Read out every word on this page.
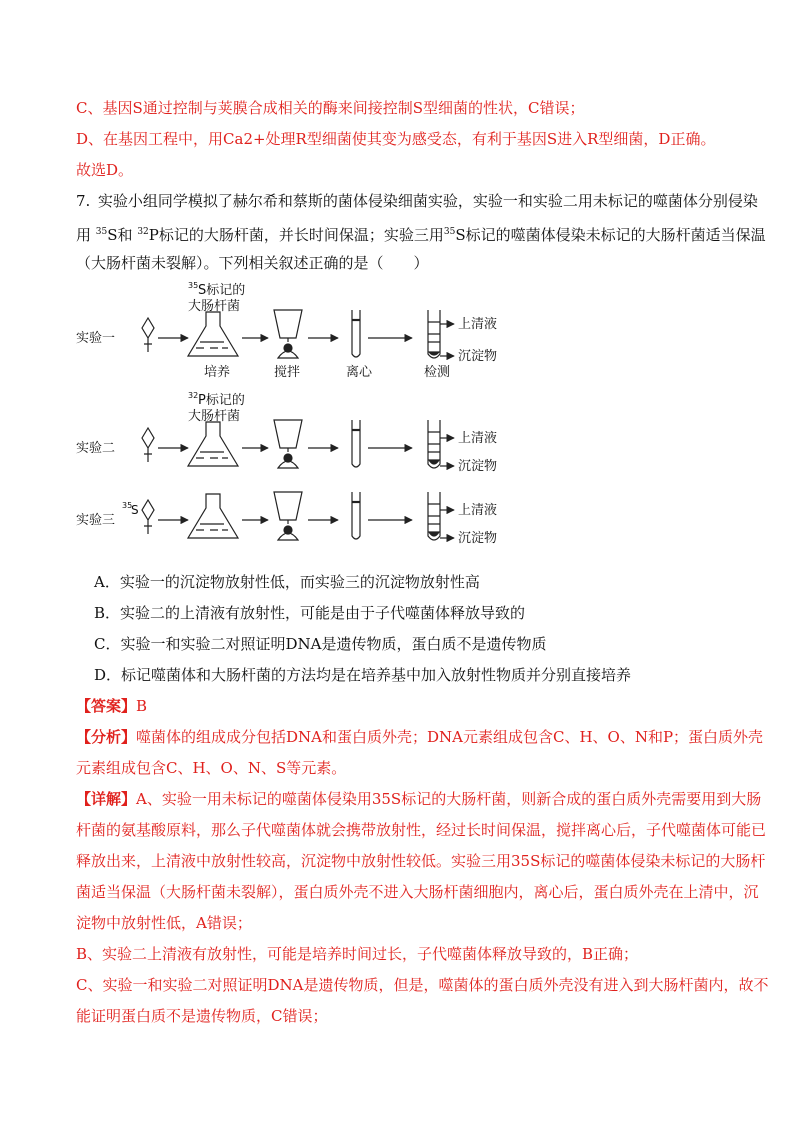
C、基因S通过控制与荚膜合成相关的酶来间接控制S型细菌的性状，C错误；
D、在基因工程中，用Ca2+处理R型细菌使其变为感受态，有利于基因S进入R型细菌，D正确。
故选D。
7.  实验小组同学模拟了赫尔希和蔡斯的菌体侵染细菌实验，实验一和实验二用未标记的噬菌体分别侵染
用 $^{35}$S和 $^{32}$P标记的大肠杆菌，并长时间保温；实验三用$^{35}$S标记的噬菌体侵染未标记的大肠杆菌适当保温
（大肠杆菌未裂解）。下列相关叙述正确的是（　　）
实验一
实验二
实验三
35
S
35 S标记的
大肠杆菌
32 P标记的
大肠杆菌
培养	搅拌	离心	检测
上清液
沉淀物
上清液
沉淀物
上清液
沉淀物
A．实验一的沉淀物放射性低，而实验三的沉淀物放射性高
B．实验二的上清液有放射性，可能是由于子代噬菌体释放导致的
C．实验一和实验二对照证明DNA是遗传物质，蛋白质不是遗传物质
D．标记噬菌体和大肠杆菌的方法均是在培养基中加入放射性物质并分别直接培养
【答案】B
【分析】噬菌体的组成成分包括DNA和蛋白质外壳；DNA元素组成包含C、H、O、N和P；蛋白质外壳
元素组成包含C、H、O、N、S等元素。
【详解】A、实验一用未标记的噬菌体侵染用35S标记的大肠杆菌，则新合成的蛋白质外壳需要用到大肠
杆菌的氨基酸原料，那么子代噬菌体就会携带放射性，经过长时间保温，搅拌离心后，子代噬菌体可能已
释放出来，上清液中放射性较高，沉淀物中放射性较低。实验三用35S标记的噬菌体侵染未标记的大肠杆
菌适当保温（大肠杆菌未裂解），蛋白质外壳不进入大肠杆菌细胞内，离心后，蛋白质外壳在上清中，沉
淀物中放射性低，A错误；
B、实验二上清液有放射性，可能是培养时间过长，子代噬菌体释放导致的，B正确；
C、实验一和实验二对照证明DNA是遗传物质，但是，噬菌体的蛋白质外壳没有进入到大肠杆菌内，故不
能证明蛋白质不是遗传物质，C错误；
